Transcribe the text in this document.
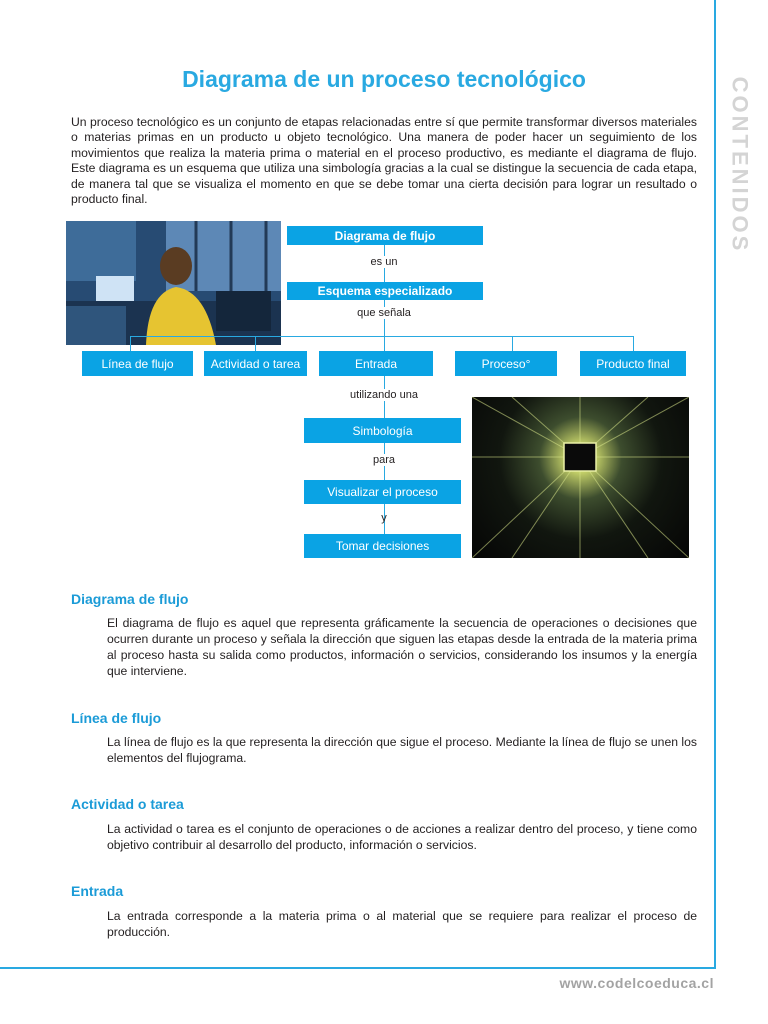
CONTENIDOS
www.codelcoeduca.cl
Diagrama de un proceso tecnológico

Un proceso tecnológico es un conjunto de etapas relacionadas entre sí que permite transformar diversos materiales o materias primas en un producto u objeto tecnológico. Una manera de poder hacer un seguimiento de los movimientos que realiza la materia prima o material en el proceso productivo, es mediante el diagrama de flujo. Este diagrama es un esquema que utiliza una simbología gracias a la cual se distingue la secuencia de cada etapa, de manera tal que se visualiza el momento en que se debe tomar una cierta decisión para lograr un resultado o producto final.

Diagrama de flujo
es un
Esquema especializado
que señala
Línea de flujo	Actividad o tarea	Entrada	Proceso°	Producto final
utilizando una
Simbología
para
Visualizar el proceso
y
Tomar decisiones
Diagrama de flujo

El diagrama de flujo es aquel que representa gráficamente la secuencia de operaciones o decisiones que ocurren durante un proceso y señala la dirección que siguen las etapas desde la entrada de la materia prima al proceso hasta su salida como productos, información o servicios, considerando los insumos y la energía que interviene.

Línea de flujo

La línea de flujo es la que representa la dirección que sigue el proceso. Mediante la línea de flujo se unen los elementos del flujograma.

Actividad o tarea

La actividad o tarea es el conjunto de operaciones o de acciones a realizar dentro del proceso, y tiene como objetivo contribuir al desarrollo del producto, información o servicios.

Entrada

La entrada corresponde a la materia prima o al material que se requiere para realizar el proceso de producción.
